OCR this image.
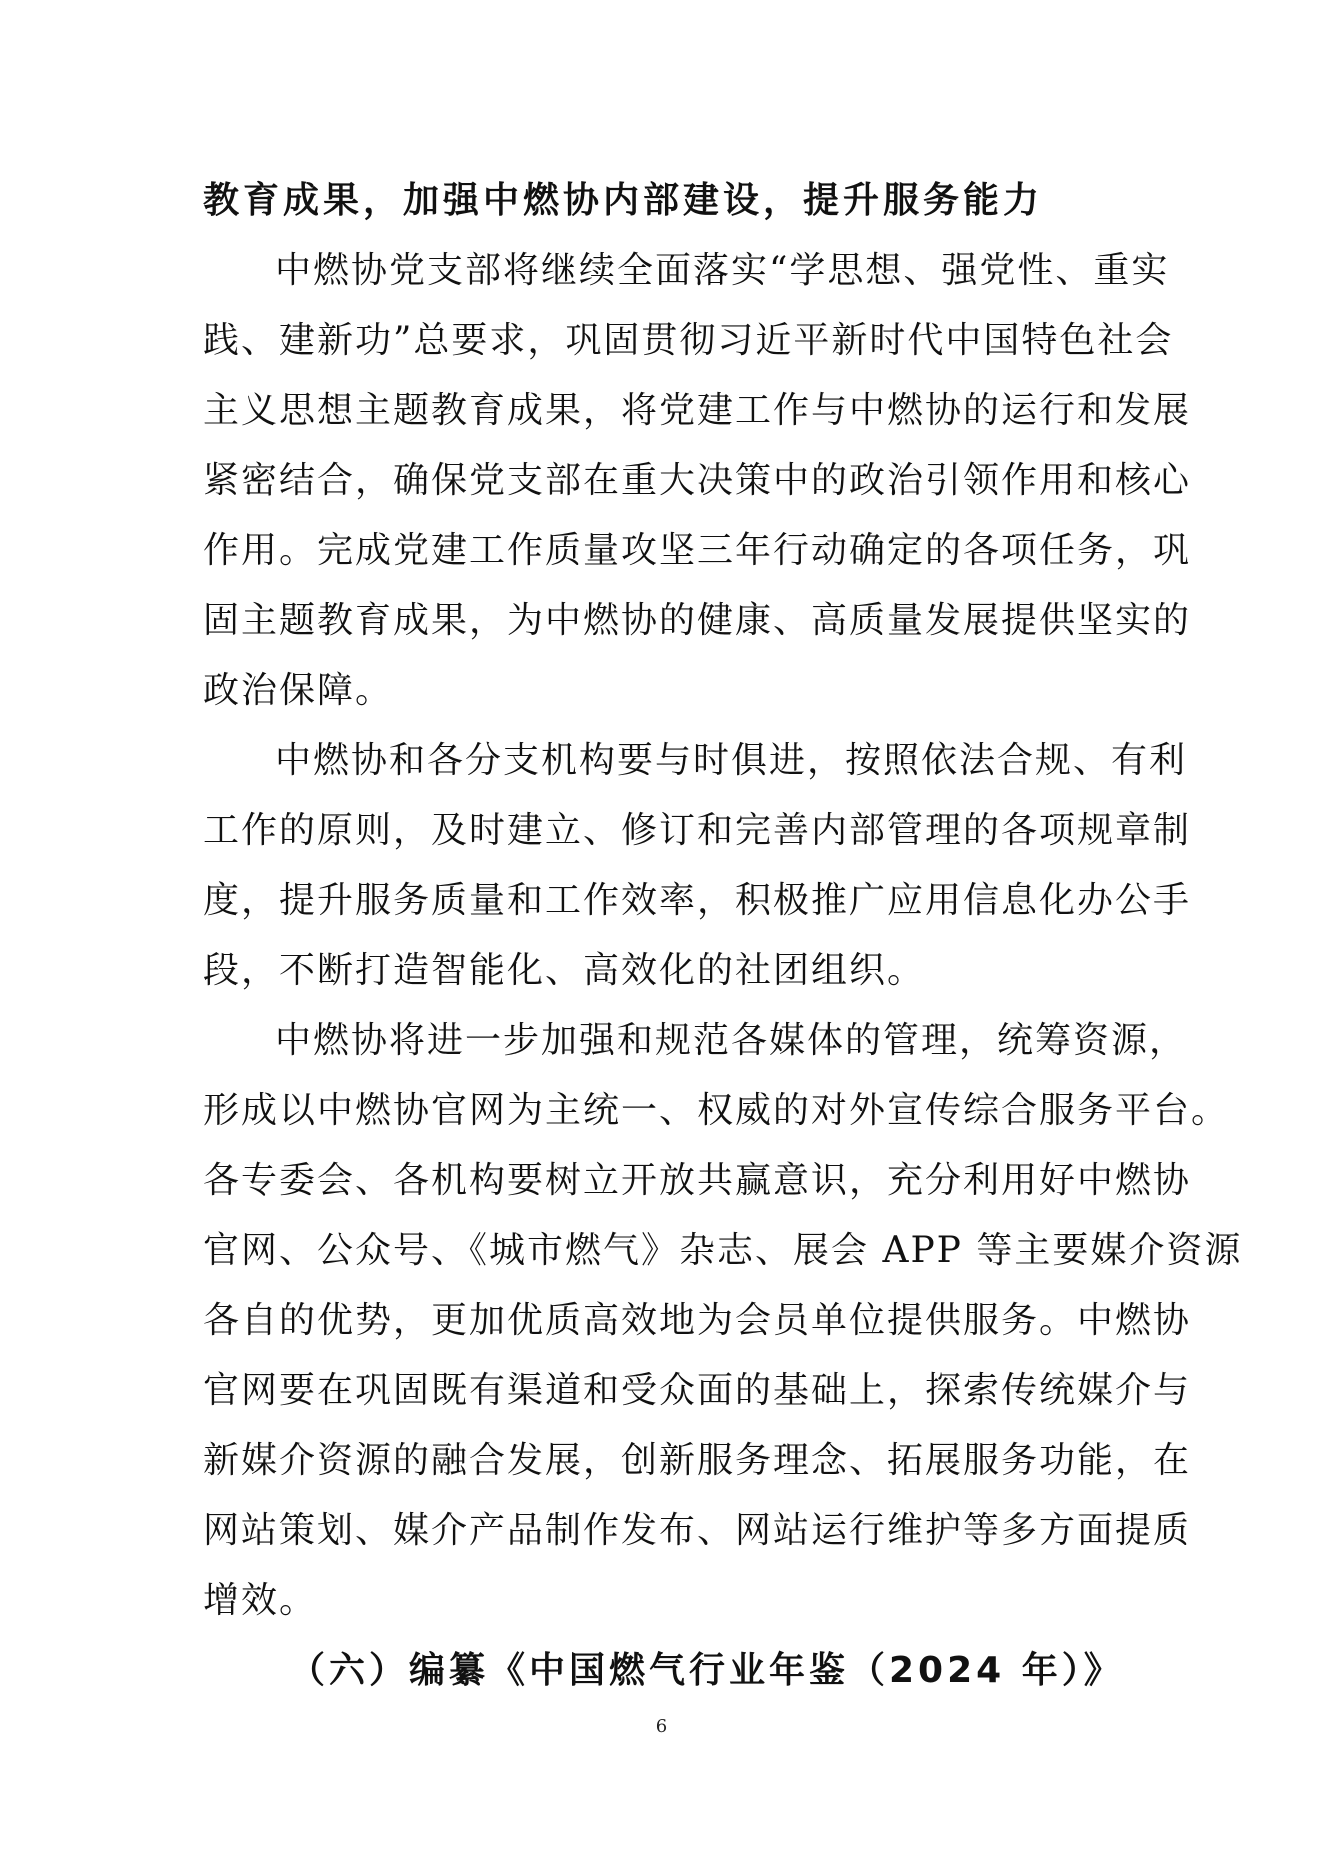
教育成果，加强中燃协内部建设，提升服务能力
中燃协党支部将继续全面落实“学思想、强党性、重实
践、建新功”总要求，巩固贯彻习近平新时代中国特色社会
主义思想主题教育成果，将党建工作与中燃协的运行和发展
紧密结合，确保党支部在重大决策中的政治引领作用和核心
作用。完成党建工作质量攻坚三年行动确定的各项任务，巩
固主题教育成果，为中燃协的健康、高质量发展提供坚实的
政治保障。
中燃协和各分支机构要与时俱进，按照依法合规、有利
工作的原则，及时建立、修订和完善内部管理的各项规章制
度，提升服务质量和工作效率，积极推广应用信息化办公手
段，不断打造智能化、高效化的社团组织。
中燃协将进一步加强和规范各媒体的管理，统筹资源，
形成以中燃协官网为主统一、权威的对外宣传综合服务平台。
各专委会、各机构要树立开放共赢意识，充分利用好中燃协
官网、公众号、《城市燃气》杂志、展会 APP 等主要媒介资源
各自的优势，更加优质高效地为会员单位提供服务。中燃协
官网要在巩固既有渠道和受众面的基础上，探索传统媒介与
新媒介资源的融合发展，创新服务理念、拓展服务功能，在
网站策划、媒介产品制作发布、网站运行维护等多方面提质
增效。
（六）编纂《中国燃气行业年鉴（2024 年）》
6
